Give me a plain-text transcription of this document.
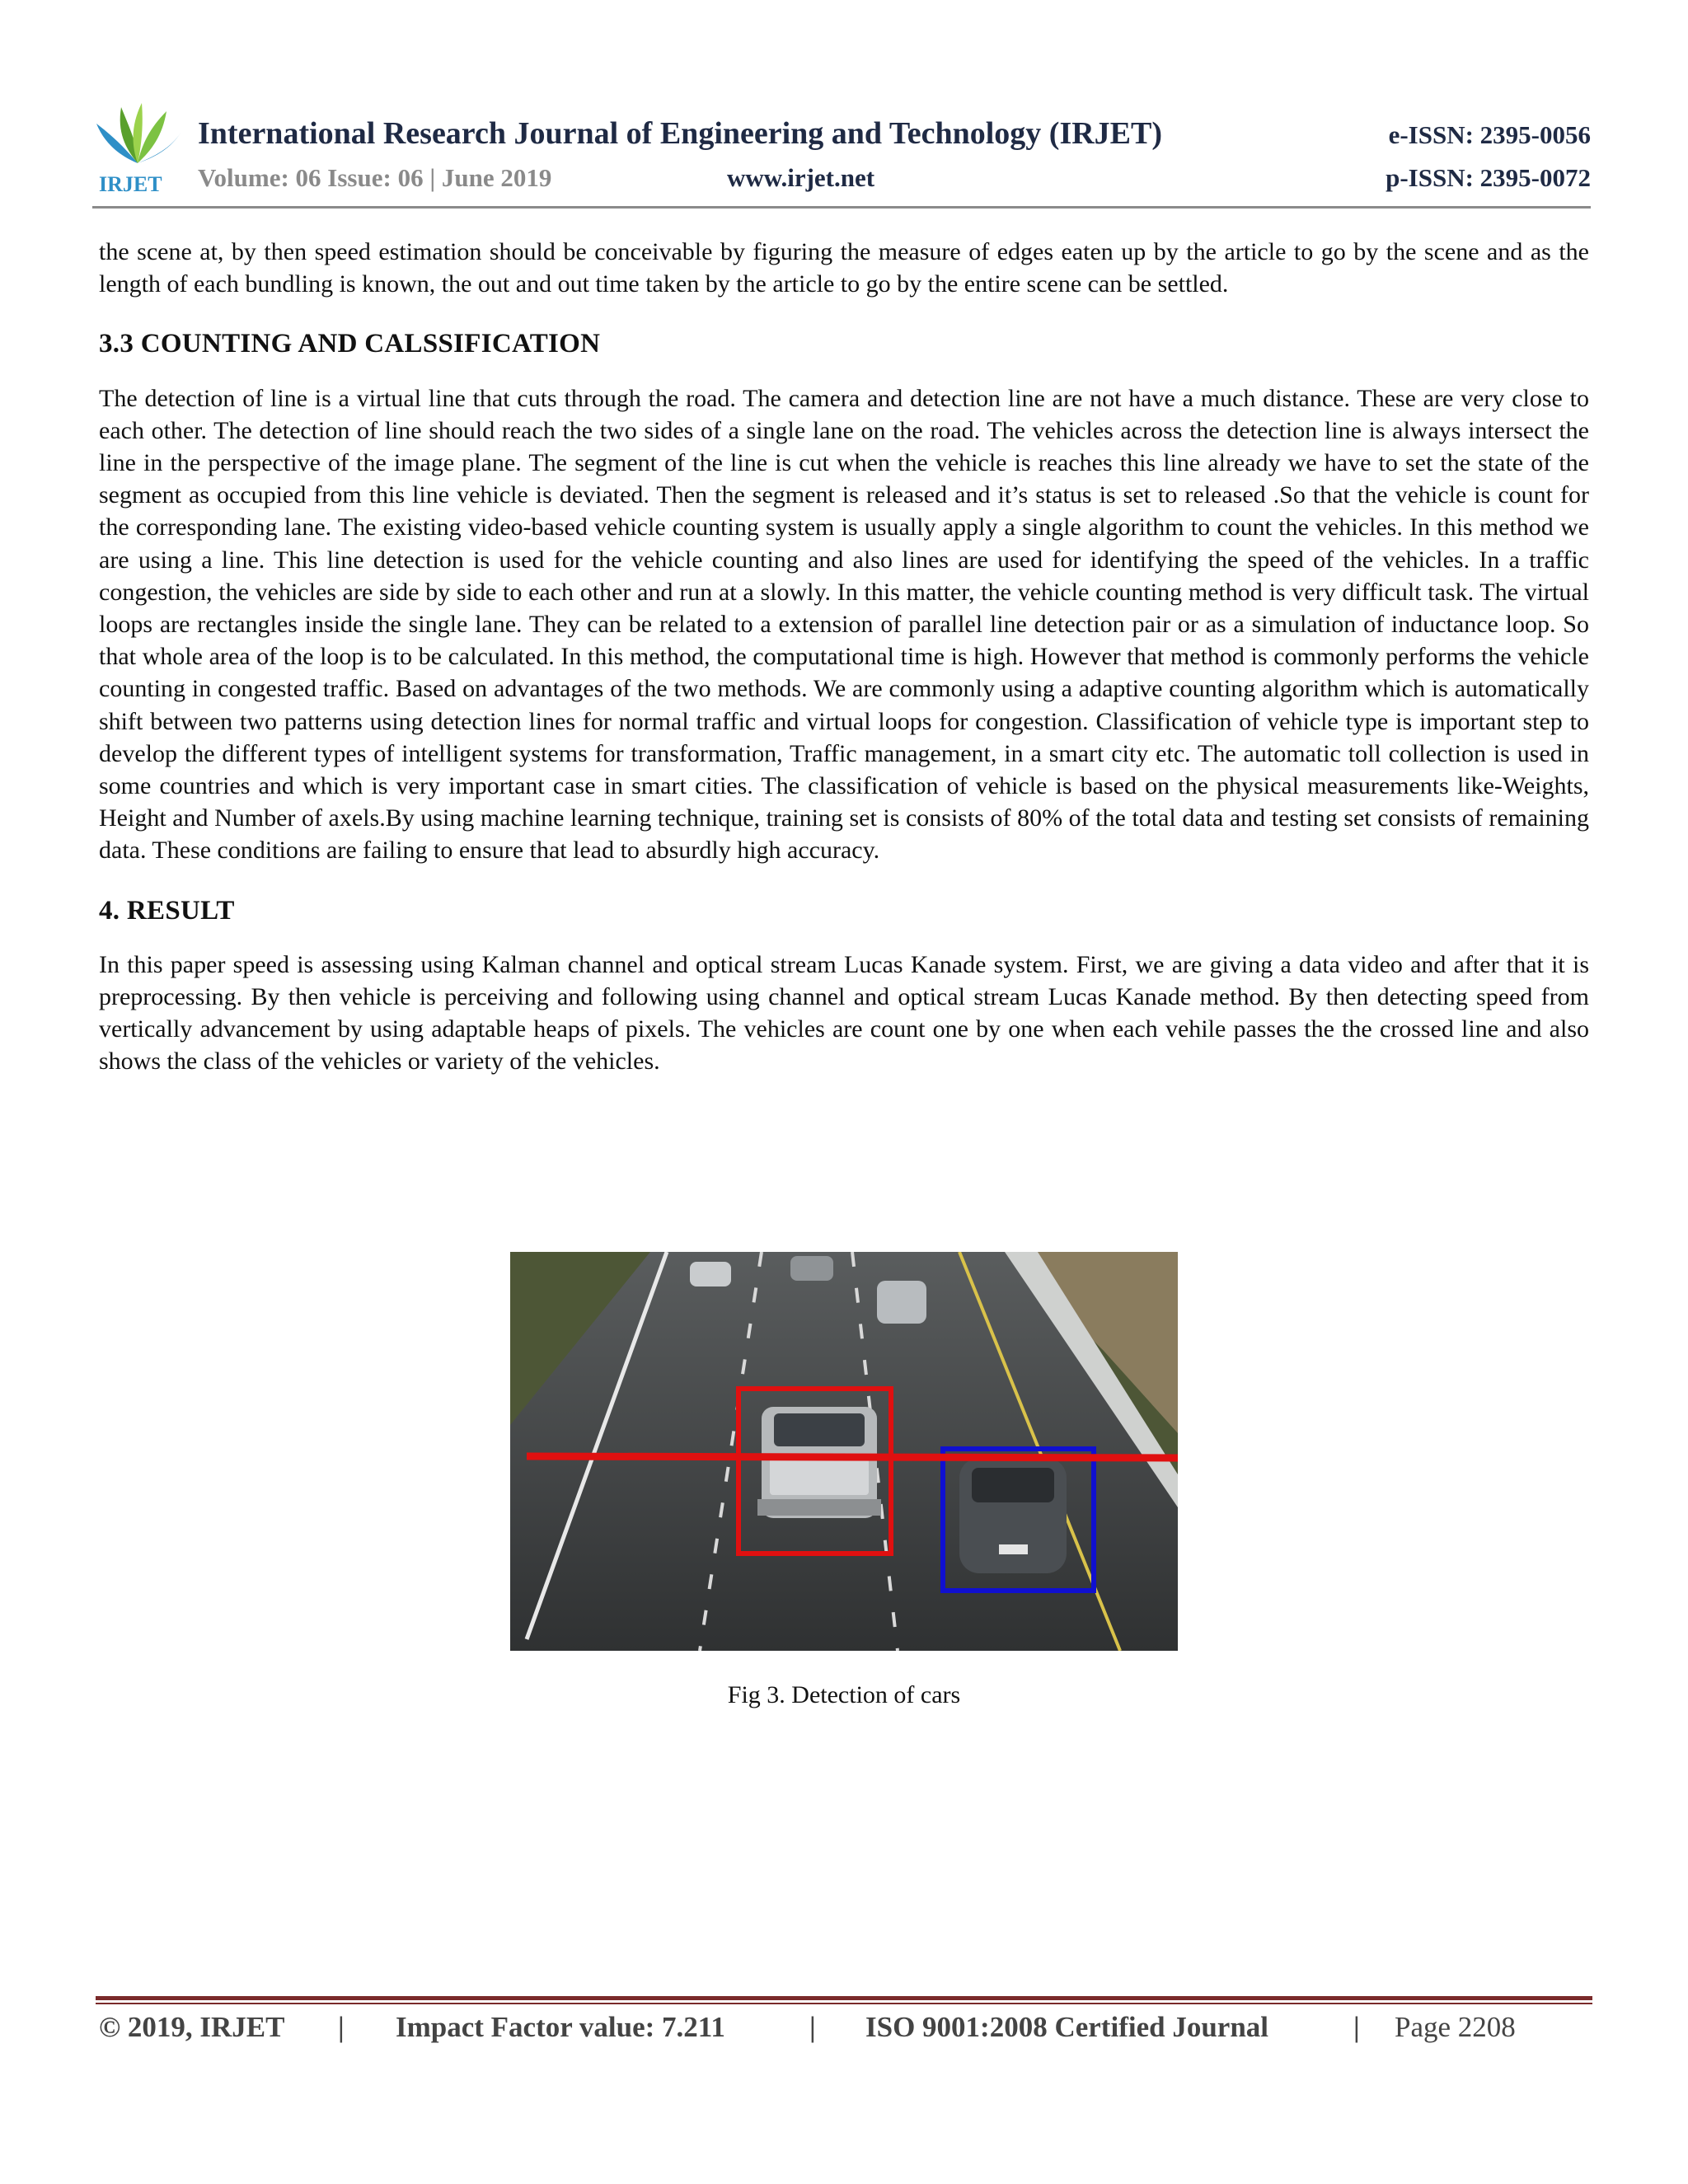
IRJET
International Research Journal of Engineering and Technology (IRJET)	e-ISSN: 2395-0056
Volume: 06 Issue: 06 | June 2019	www.irjet.net	p-ISSN: 2395-0072

the scene at, by then speed estimation should be conceivable by figuring the measure of edges eaten up by the article to go by the scene and as the length of each bundling is known, the out and out time taken by the article to go by the entire scene can be settled.

3.3 COUNTING AND CALSSIFICATION

The detection of line is a virtual line that cuts through the road. The camera and detection line are not have a much distance. These are very close to each other. The detection of line should reach the two sides of a single lane on the road. The vehicles across the detection line is always intersect the line in the perspective of the image plane. The segment of the line is cut when the vehicle is reaches this line already we have to set the state of the segment as occupied from this line vehicle is deviated. Then the segment is released and it’s status is set to released .So that the vehicle is count for the corresponding lane. The existing video-based vehicle counting system is usually apply a single algorithm to count the vehicles. In this method we are using a line. This line detection is used for the vehicle counting and also lines are used for identifying the speed of the vehicles. In a traffic congestion, the vehicles are side by side to each other and run at a slowly. In this matter, the vehicle counting method is very difficult task. The virtual loops are rectangles inside the single lane. They can be related to a extension of parallel line detection pair or as a simulation of inductance loop. So that whole area of the loop is to be calculated. In this method, the computational time is high. However that method is commonly performs the vehicle counting in congested traffic. Based on advantages of the two methods. We are commonly using a adaptive counting algorithm which is automatically shift between two patterns using detection lines for normal traffic and virtual loops for congestion. Classification of vehicle type is important step to develop the different types of intelligent systems for transformation, Traffic management, in a smart city etc. The automatic toll collection is used in some countries and which is very important case in smart cities. The classification of vehicle is based on the physical measurements like-Weights, Height and Number of axels.By using machine learning technique, training set is consists of 80% of the total data and testing set consists of remaining data. These conditions are failing to ensure that lead to absurdly high accuracy.

4. RESULT

In this paper speed is assessing using Kalman channel and optical stream Lucas Kanade system. First, we are giving a data video and after that it is preprocessing. By then vehicle is perceiving and following using channel and optical stream Lucas Kanade method. By then detecting speed from vertically advancement by using adaptable heaps of pixels. The vehicles are count one by one when each vehile passes the the crossed line and also shows the class of the vehicles or variety of the vehicles.

Fig 3. Detection of cars
© 2019, IRJET | Impact Factor value: 7.211	| ISO 9001:2008 Certified Journal	| Page 2208
